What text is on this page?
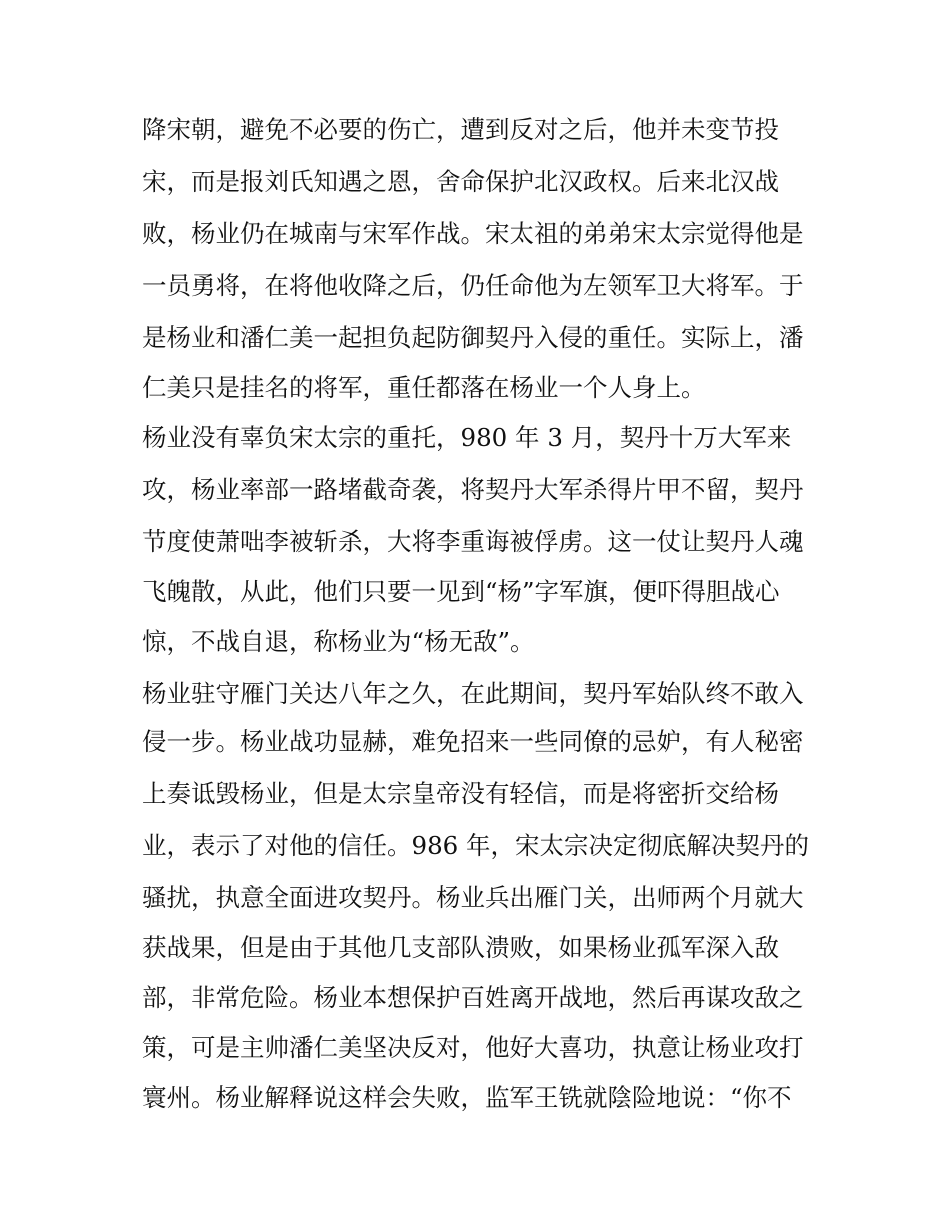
降宋朝，避免不必要的伤亡，遭到反对之后，他并未变节投
宋，而是报刘氏知遇之恩，舍命保护北汉政权。后来北汉战
败，杨业仍在城南与宋军作战。宋太祖的弟弟宋太宗觉得他是
一员勇将，在将他收降之后，仍任命他为左领军卫大将军。于
是杨业和潘仁美一起担负起防御契丹入侵的重任。实际上，潘
仁美只是挂名的将军，重任都落在杨业一个人身上。
杨业没有辜负宋太宗的重托，980 年 3 月，契丹十万大军来
攻，杨业率部一路堵截奇袭，将契丹大军杀得片甲不留，契丹
节度使萧咄李被斩杀，大将李重诲被俘虏。这一仗让契丹人魂
飞魄散，从此，他们只要一见到“杨”字军旗，便吓得胆战心
惊，不战自退，称杨业为“杨无敌”。
杨业驻守雁门关达八年之久，在此期间，契丹军始队终不敢入
侵一步。杨业战功显赫，难免招来一些同僚的忌妒，有人秘密
上奏诋毁杨业，但是太宗皇帝没有轻信，而是将密折交给杨
业，表示了对他的信任。986 年，宋太宗决定彻底解决契丹的
骚扰，执意全面进攻契丹。杨业兵出雁门关，出师两个月就大
获战果，但是由于其他几支部队溃败，如果杨业孤军深入敌
部，非常危险。杨业本想保护百姓离开战地，然后再谋攻敌之
策，可是主帅潘仁美坚决反对，他好大喜功，执意让杨业攻打
寰州。杨业解释说这样会失败，监军王铣就陰险地说：“你不
